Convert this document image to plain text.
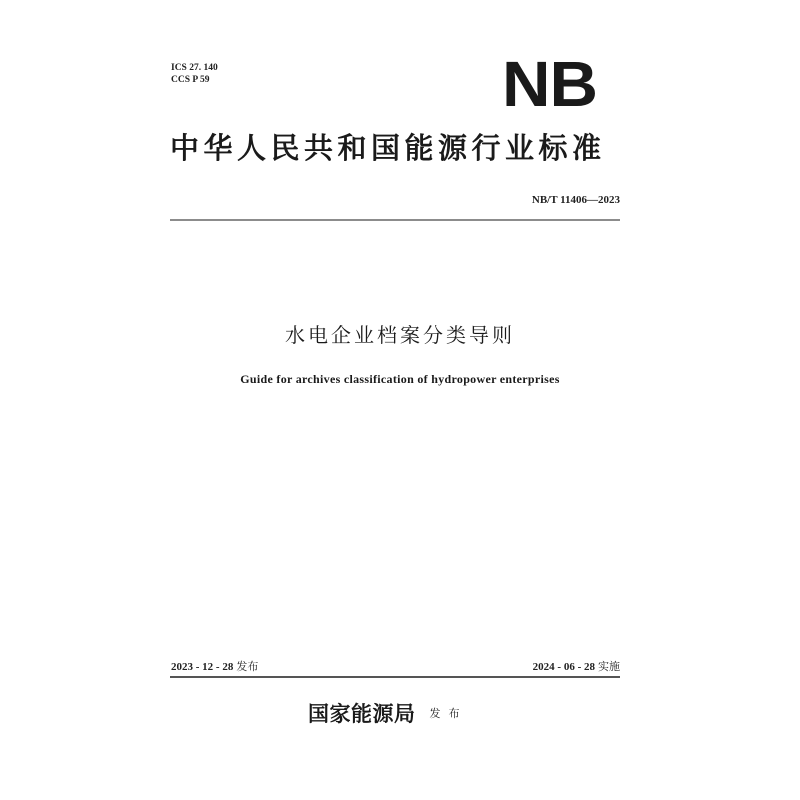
ICS 27. 140
CCS P 59	NB
中华人民共和国能源行业标准
NB/T 11406—2023
水电企业档案分类导则
Guide for archives classification of hydropower enterprises
2023 - 12 - 28 发布	2024 - 06 - 28 实施
国家能源局 $^{发布}$
